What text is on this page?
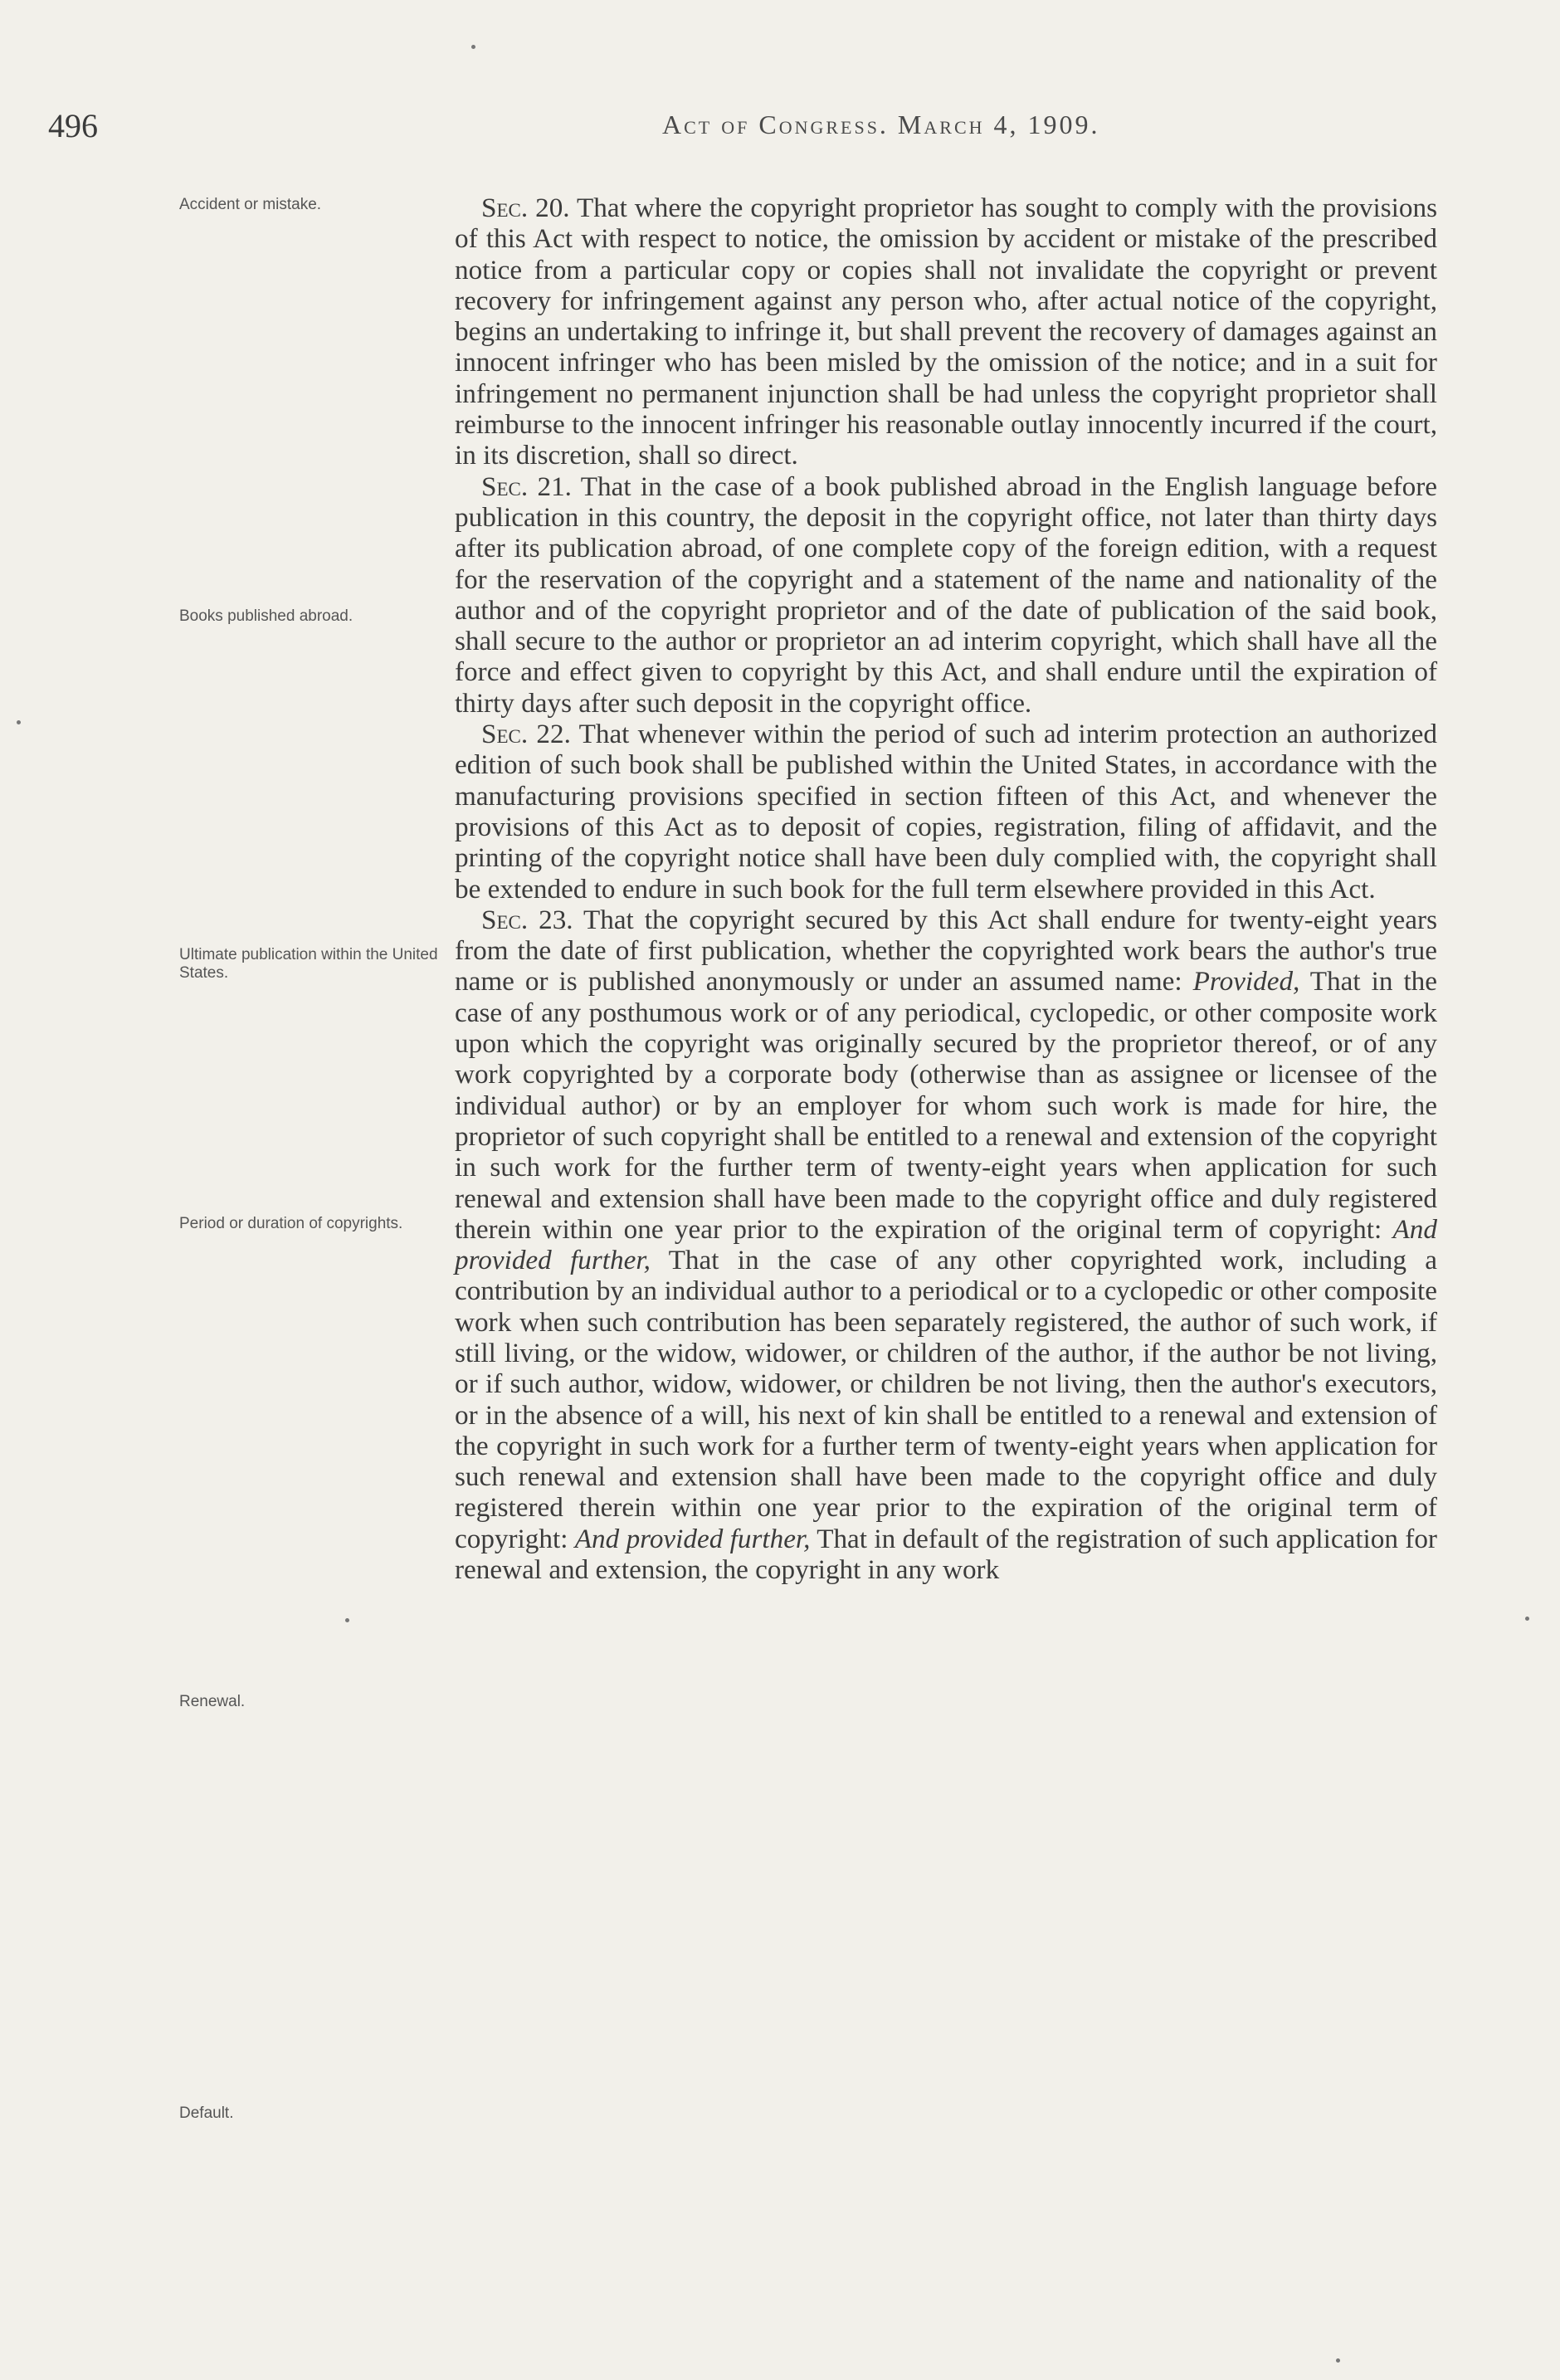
496	Act of Congress. March 4, 1909.
Accident or mistake.
Books published abroad.
Ultimate publication within the United States.
Period or duration of copyrights.
Renewal.
Default.

Sec. 20. That where the copyright proprietor has sought to comply with the provisions of this Act with respect to notice, the omission by accident or mistake of the prescribed notice from a particular copy or copies shall not invalidate the copyright or prevent recovery for infringement against any person who, after actual notice of the copyright, begins an undertaking to infringe it, but shall prevent the recovery of damages against an innocent infringer who has been misled by the omission of the notice; and in a suit for infringement no permanent injunction shall be had unless the copyright proprietor shall reimburse to the innocent infringer his reasonable outlay innocently incurred if the court, in its discretion, shall so direct.

Sec. 21. That in the case of a book published abroad in the English language before publication in this country, the deposit in the copyright office, not later than thirty days after its publication abroad, of one complete copy of the foreign edition, with a request for the reservation of the copyright and a statement of the name and nationality of the author and of the copyright proprietor and of the date of publication of the said book, shall secure to the author or proprietor an ad interim copyright, which shall have all the force and effect given to copyright by this Act, and shall endure until the expiration of thirty days after such deposit in the copyright office.

Sec. 22. That whenever within the period of such ad interim protection an authorized edition of such book shall be published within the United States, in accordance with the manufacturing provisions specified in section fifteen of this Act, and whenever the provisions of this Act as to deposit of copies, registration, filing of affidavit, and the printing of the copyright notice shall have been duly complied with, the copyright shall be extended to endure in such book for the full term elsewhere provided in this Act.

Sec. 23. That the copyright secured by this Act shall endure for twenty-eight years from the date of first publication, whether the copyrighted work bears the author's true name or is published anonymously or under an assumed name: Provided, That in the case of any posthumous work or of any periodical, cyclopedic, or other composite work upon which the copyright was originally secured by the proprietor thereof, or of any work copyrighted by a corporate body (otherwise than as assignee or licensee of the individual author) or by an employer for whom such work is made for hire, the proprietor of such copyright shall be entitled to a renewal and extension of the copyright in such work for the further term of twenty-eight years when application for such renewal and extension shall have been made to the copyright office and duly registered therein within one year prior to the expiration of the original term of copyright: And provided further, That in the case of any other copyrighted work, including a contribution by an individual author to a periodical or to a cyclopedic or other composite work when such contribution has been separately registered, the author of such work, if still living, or the widow, widower, or children of the author, if the author be not living, or if such author, widow, widower, or children be not living, then the author's executors, or in the absence of a will, his next of kin shall be entitled to a renewal and extension of the copyright in such work for a further term of twenty-eight years when application for such renewal and extension shall have been made to the copyright office and duly registered therein within one year prior to the expiration of the original term of copyright: And provided further, That in default of the registration of such application for renewal and extension, the copyright in any work
